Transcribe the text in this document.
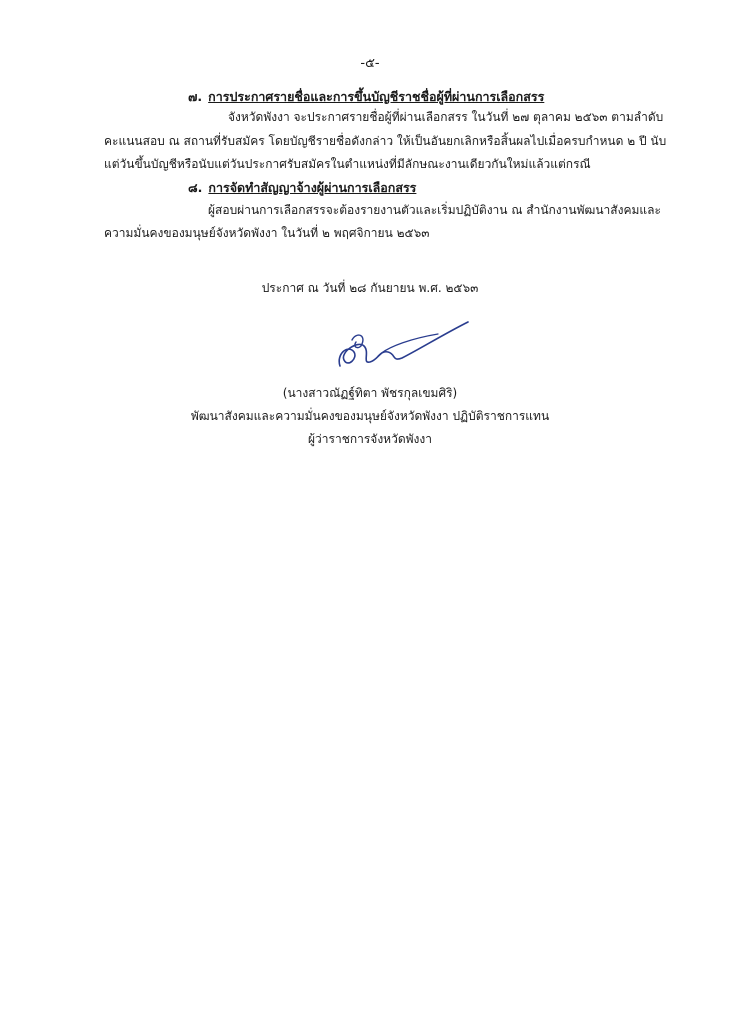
-๕-
๗. การประกาศรายชื่อและการขึ้นบัญชีราชชื่อผู้ที่ผ่านการเลือกสรร
จังหวัดพังงา จะประกาศรายชื่อผู้ที่ผ่านเลือกสรร ในวันที่ ๒๗ ตุลาคม ๒๕๖๓ ตามลำดับ
คะแนนสอบ ณ สถานที่รับสมัคร โดยบัญชีรายชื่อดังกล่าว ให้เป็นอันยกเลิกหรือสิ้นผลไปเมื่อครบกำหนด ๒ ปี นับ
แต่วันขึ้นบัญชีหรือนับแต่วันประกาศรับสมัครในตำแหน่งที่มีลักษณะงานเดียวกันใหม่แล้วแต่กรณี
๘. การจัดทำสัญญาจ้างผู้ผ่านการเลือกสรร
ผู้สอบผ่านการเลือกสรรจะต้องรายงานตัวและเริ่มปฏิบัติงาน ณ สำนักงานพัฒนาสังคมและ
ความมั่นคงของมนุษย์จังหวัดพังงา ในวันที่ ๒ พฤศจิกายน ๒๕๖๓
ประกาศ ณ วันที่ ๒๘ กันยายน พ.ศ. ๒๕๖๓
(นางสาวณัฏฐ์ทิตา พัชรกุลเขมศิริ)
พัฒนาสังคมและความมั่นคงของมนุษย์จังหวัดพังงา ปฏิบัติราชการแทน
ผู้ว่าราชการจังหวัดพังงา
